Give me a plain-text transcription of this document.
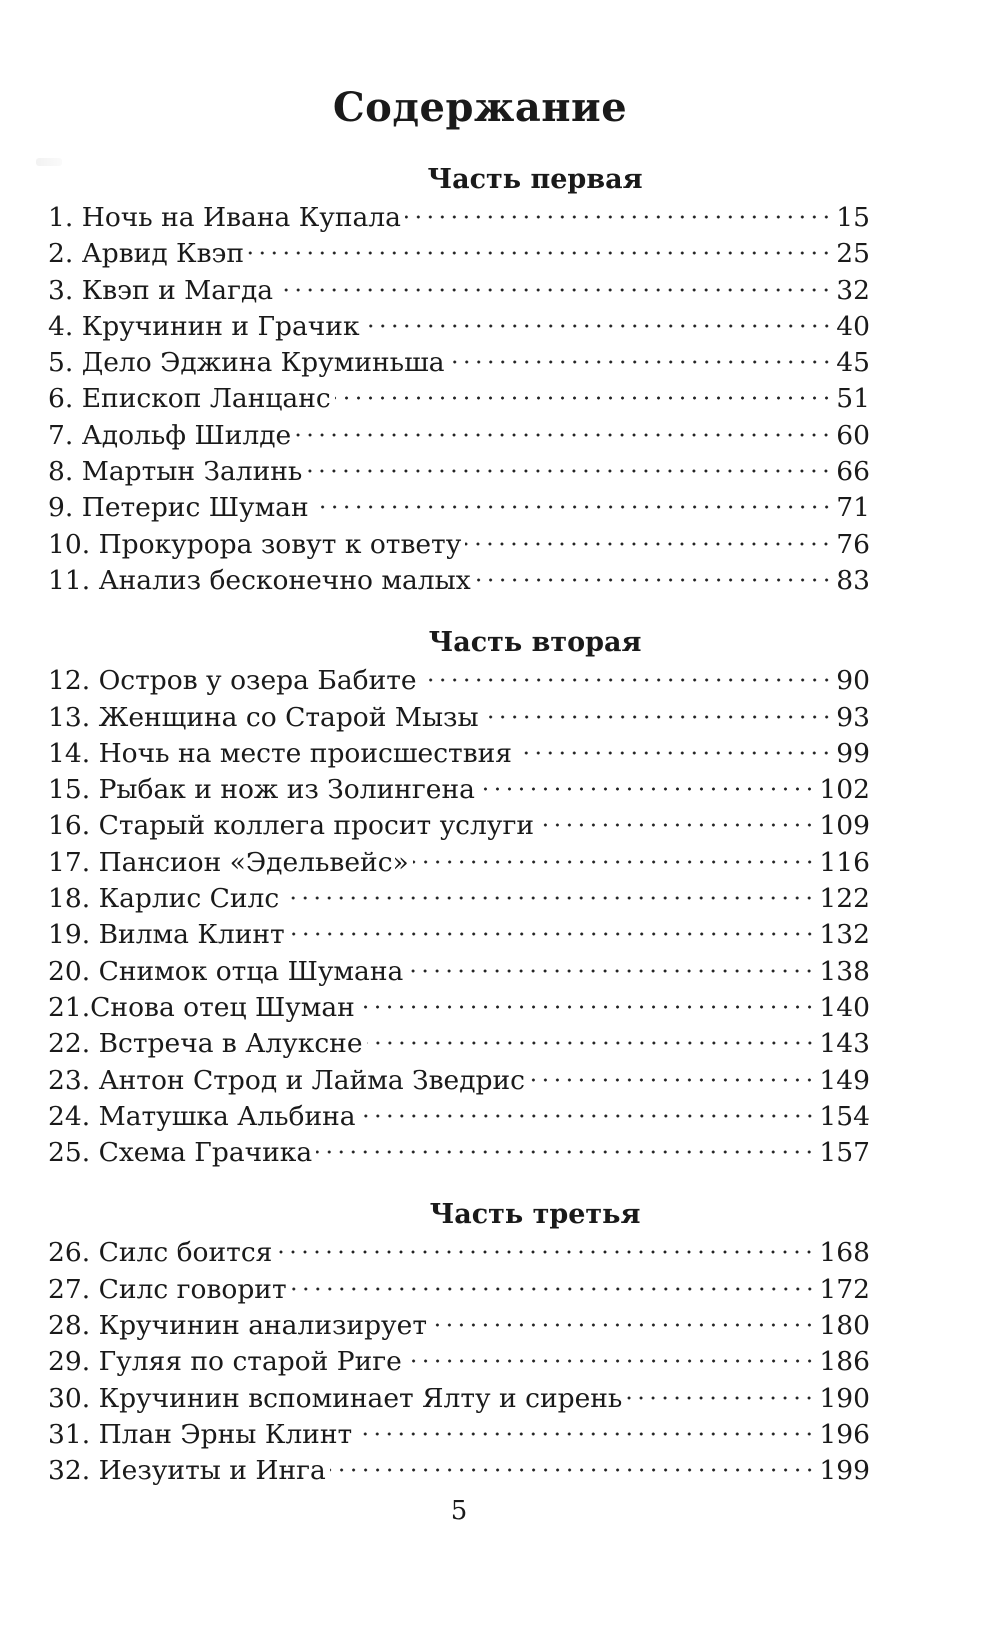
Содержание
Часть первая
1. Ночь на Ивана Купала	15
2. Арвид Квэп	25
3. Квэп и Магда	32
4. Кручинин и Грачик	40
5. Дело Эджина Круминьша	45
6. Епископ Ланцанс	51
7. Адольф Шилде	60
8. Мартын Залинь	66
9. Петерис Шуман	71
10. Прокурора зовут к ответу	76
11. Анализ бесконечно малых	83
Часть вторая
12. Остров у озера Бабите	90
13. Женщина со Старой Мызы	93
14. Ночь на месте происшествия	99
15. Рыбак и нож из Золингена	102
16. Старый коллега просит услуги	109
17. Пансион «Эдельвейс»	116
18. Карлис Силс	122
19. Вилма Клинт	132
20. Снимок отца Шумана	138
21.Снова отец Шуман	140
22. Встреча в Алуксне	143
23. Антон Строд и Лайма Зведрис	149
24. Матушка Альбина	154
25. Схема Грачика	157
Часть третья
26. Силс боится	168
27. Силс говорит	172
28. Кручинин анализирует	180
29. Гуляя по старой Риге	186
30. Кручинин вспоминает Ялту и сирень	190
31. План Эрны Клинт	196
32. Иезуиты и Инга	199
5
